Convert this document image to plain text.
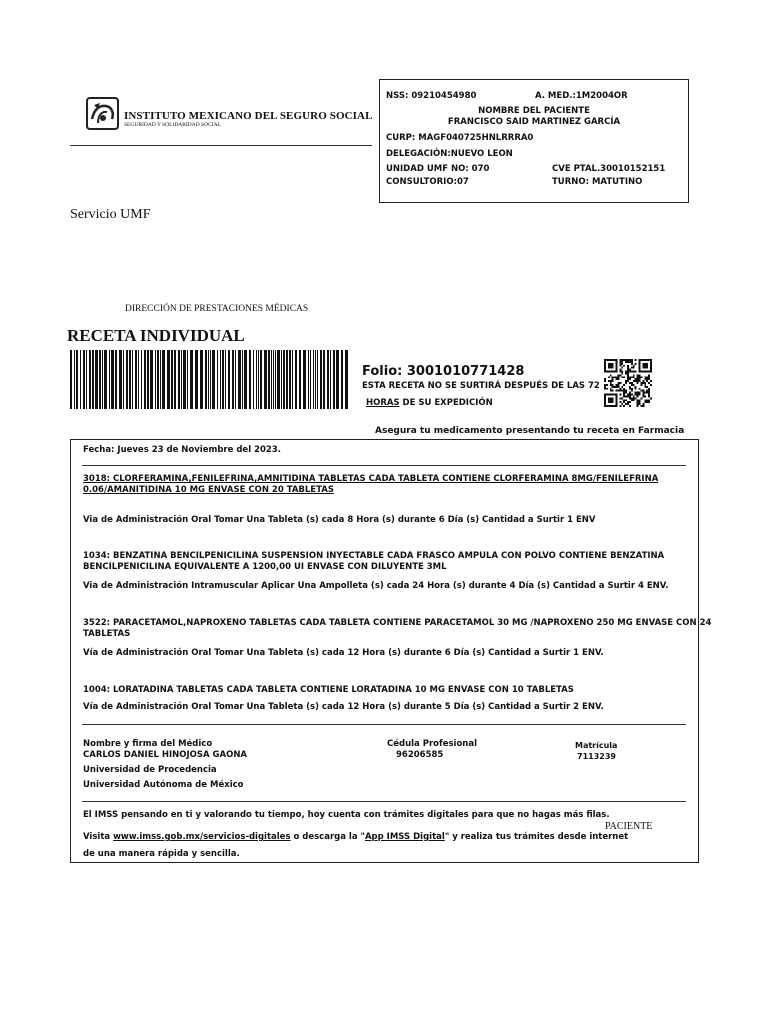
INSTITUTO MEXICANO DEL SEGURO SOCIAL
SEGURIDAD Y SOLIDARIDAD SOCIAL
NSS: 09210454980	A. MED.:1M2004OR
NOMBRE DEL PACIENTE
FRANCISCO SAID MARTINEZ GARCÍA
CURP: MAGF040725HNLRRRA0
DELEGACIÓN:NUEVO LEON
UNIDAD UMF NO: 070	CVE PTAL.30010152151
CONSULTORIO:07	TURNO: MATUTINO
Servicio UMF
DIRECCIÓN DE PRESTACIONES MÉDICAS
RECETA INDIVIDUAL
Folio: 3001010771428
ESTA RECETA NO SE SURTIRÁ DESPUÉS DE LAS 72
HORAS DE SU EXPEDICIÓN
Asegura tu medicamento presentando tu receta en Farmacia
Fecha: Jueves 23 de Noviembre del 2023.
3018: CLORFERAMINA,FENILEFRINA,AMNITIDINA TABLETAS CADA TABLETA CONTIENE CLORFERAMINA 8MG/FENILEFRINA
0.06/AMANITIDINA 10 MG ENVASE CON 20 TABLETAS
Via de Administración Oral Tomar Una Tableta (s) cada 8 Hora (s) durante 6 Día (s) Cantidad a Surtir 1 ENV
1034: BENZATINA BENCILPENICILINA SUSPENSION INYECTABLE CADA FRASCO AMPULA CON POLVO CONTIENE BENZATINA
BENCILPENICILINA EQUIVALENTE A 1200,00 UI ENVASE CON DILUYENTE 3ML
Via de Administración Intramuscular Aplicar Una Ampolleta (s) cada 24 Hora (s) durante 4 Día (s) Cantidad a Surtir 4 ENV.
3522: PARACETAMOL,NAPROXENO TABLETAS CADA TABLETA CONTIENE PARACETAMOL 30 MG /NAPROXENO 250 MG ENVASE CON 24
TABLETAS
Vía de Administración Oral Tomar Una Tableta (s) cada 12 Hora (s) durante 6 Día (s) Cantidad a Surtir 1 ENV.
1004: LORATADINA TABLETAS CADA TABLETA CONTIENE LORATADINA 10 MG ENVASE CON 10 TABLETAS
Vía de Administración Oral Tomar Una Tableta (s) cada 12 Hora (s) durante 5 Día (s) Cantidad a Surtir 2 ENV.
Nombre y firma del Médico
CARLOS DANIEL HINOJOSA GAONA
Universidad de Procedencia
Universidad Autónoma de México
Cédula Profesional
96206585
Matrícula
7113239
El IMSS pensando en ti y valorando tu tiempo, hoy cuenta con trámites digitales para que no hagas más filas.
PACIENTE
Visita www.imss.gob.mx/servicios-digitales o descarga la "App IMSS Digital" y realiza tus trámites desde internet
de una manera rápida y sencilla.
